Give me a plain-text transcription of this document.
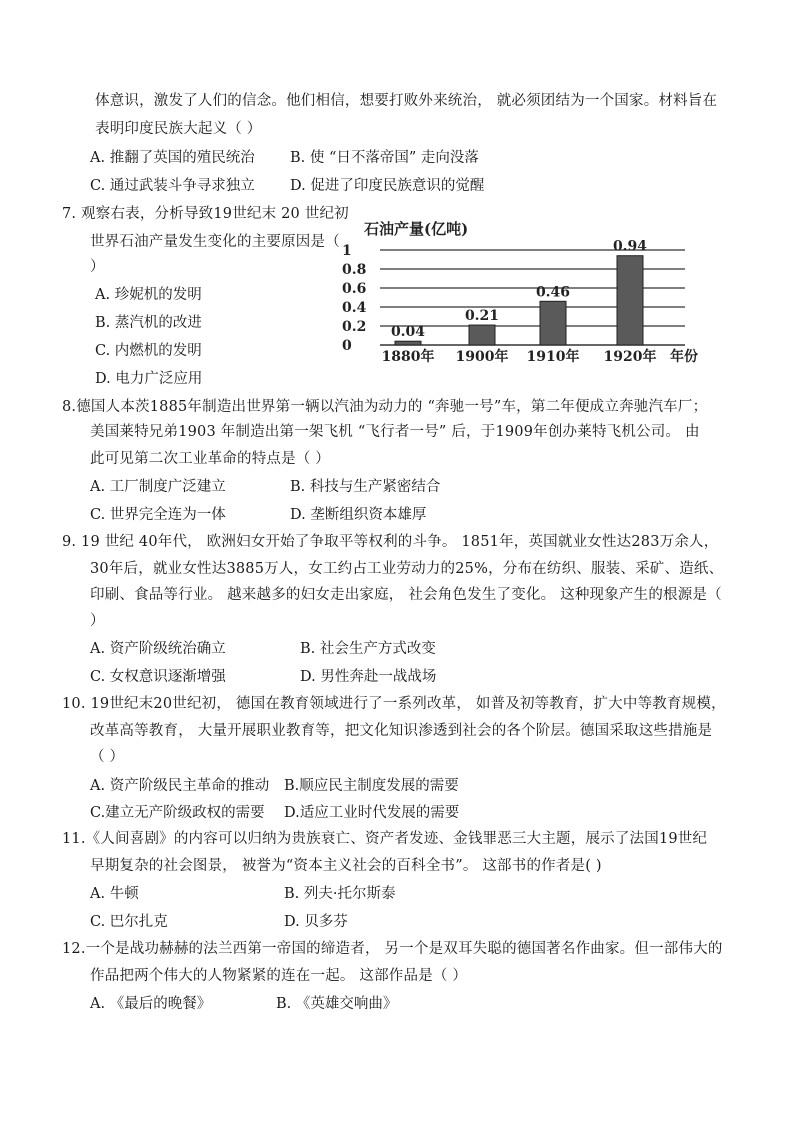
体意识，激发了人们的信念。他们相信，想要打败外来统治， 就必须团结为一个国家。材料旨在
表明印度民族大起义（ ）
A. 推翻了英国的殖民统治 B. 使 “日不落帝国” 走向没落
C. 通过武装斗争寻求独立 D. 促进了印度民族意识的觉醒
7. 观察右表，分析导致19世纪末 20 世纪初
世界石油产量发生变化的主要原因是（
）
A. 珍妮机的发明
B. 蒸汽机的改进
C. 内燃机的发明
D. 电力广泛应用
石油产量(亿吨)
0
0.2
0.4
0.6
0.8
1
0.04
1880年
0.21
1900年
0.46
1910年
0.94
1920年 年份
8.德国人本茨1885年制造出世界第一辆以汽油为动力的 “奔驰一号”车，第二年便成立奔驰汽车厂；
美国莱特兄弟1903 年制造出第一架飞机 “飞行者一号” 后，于1909年创办莱特飞机公司。 由
此可见第二次工业革命的特点是（ ）
A. 工厂制度广泛建立	B. 科技与生产紧密结合
C. 世界完全连为一体	D. 垄断组织资本雄厚
9. 19 世纪 40年代， 欧洲妇女开始了争取平等权利的斗争。 1851年，英国就业女性达283万余人，
30年后，就业女性达3885万人，女工约占工业劳动力的25%，分布在纺织、服装、采矿、造纸、
印刷、食品等行业。 越来越多的妇女走出家庭， 社会角色发生了变化。 这种现象产生的根源是（
）
A. 资产阶级统治确立	B. 社会生产方式改变
C. 女权意识逐渐增强	D. 男性奔赴一战战场
10. 19世纪末20世纪初， 德国在教育领域进行了一系列改革， 如普及初等教育，扩大中等教育规模，
改革高等教育， 大量开展职业教育等，把文化知识渗透到社会的各个阶层。德国采取这些措施是
（ ）
A. 资产阶级民主革命的推动 B.顺应民主制度发展的需要
C.建立无产阶级政权的需要 D.适应工业时代发展的需要
11.《人间喜剧》的内容可以归纳为贵族衰亡、资产者发迹、金钱罪恶三大主题，展示了法国19世纪
早期复杂的社会图景， 被誉为“资本主义社会的百科全书”。 这部书的作者是( )
A. 牛顿	B. 列夫·托尔斯泰
C. 巴尔扎克	D. 贝多芬
12.一个是战功赫赫的法兰西第一帝国的缔造者， 另一个是双耳失聪的德国著名作曲家。但一部伟大的
作品把两个伟大的人物紧紧的连在一起。 这部作品是（ ）
A. 《最后的晚餐》	B. 《英雄交响曲》
